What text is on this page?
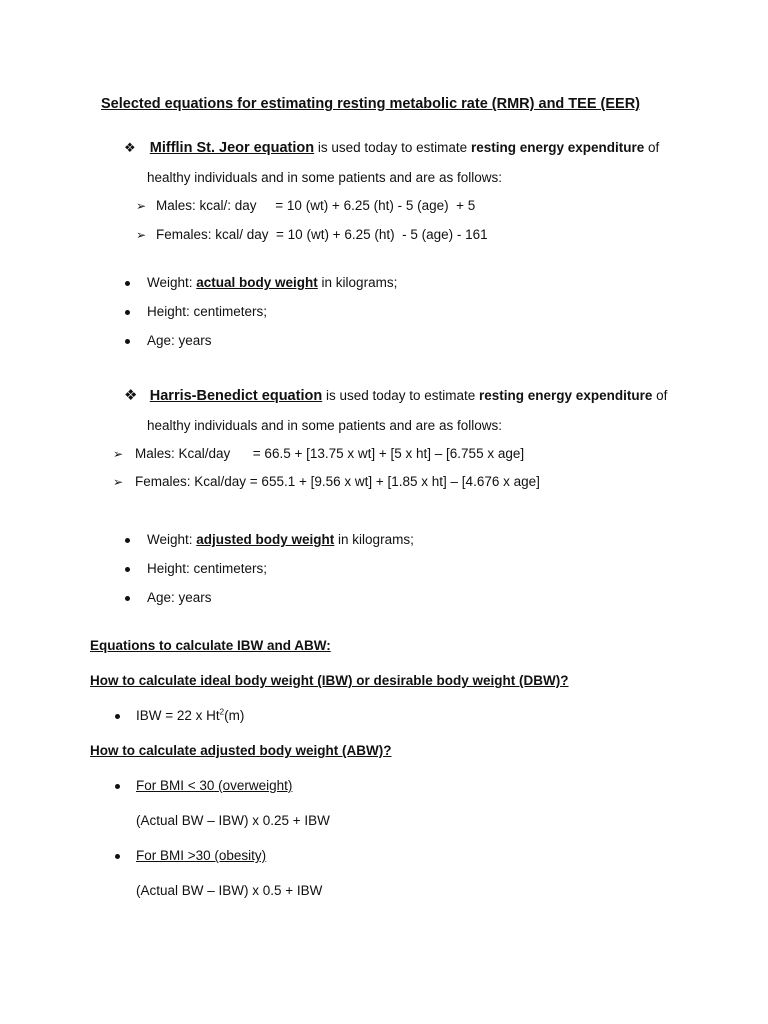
Selected equations for estimating resting metabolic rate (RMR) and TEE (EER)
❖ Mifflin St. Jeor equation is used today to estimate resting energy expenditure of
healthy individuals and in some patients and are as follows:
➢ Males: kcal/: day     = 10 (wt) + 6.25 (ht) - 5 (age)  + 5
➢ Females: kcal/ day  = 10 (wt) + 6.25 (ht)  - 5 (age) - 161
Weight: actual body weight in kilograms;
Height: centimeters;
Age: years
❖ Harris-Benedict equation is used today to estimate resting energy expenditure of
healthy individuals and in some patients and are as follows:
➢ Males: Kcal/day      = 66.5 + [13.75 x wt] + [5 x ht] – [6.755 x age]
➢ Females: Kcal/day = 655.1 + [9.56 x wt] + [1.85 x ht] – [4.676 x age]
Weight: adjusted body weight in kilograms;
Height: centimeters;
Age: years
Equations to calculate IBW and ABW:
How to calculate ideal body weight (IBW) or desirable body weight (DBW)?
IBW = 22 x Ht$^2$(m)
How to calculate adjusted body weight (ABW)?
For BMI < 30 (overweight)
(Actual BW – IBW) x 0.25 + IBW
For BMI >30 (obesity)
(Actual BW – IBW) x 0.5 + IBW
